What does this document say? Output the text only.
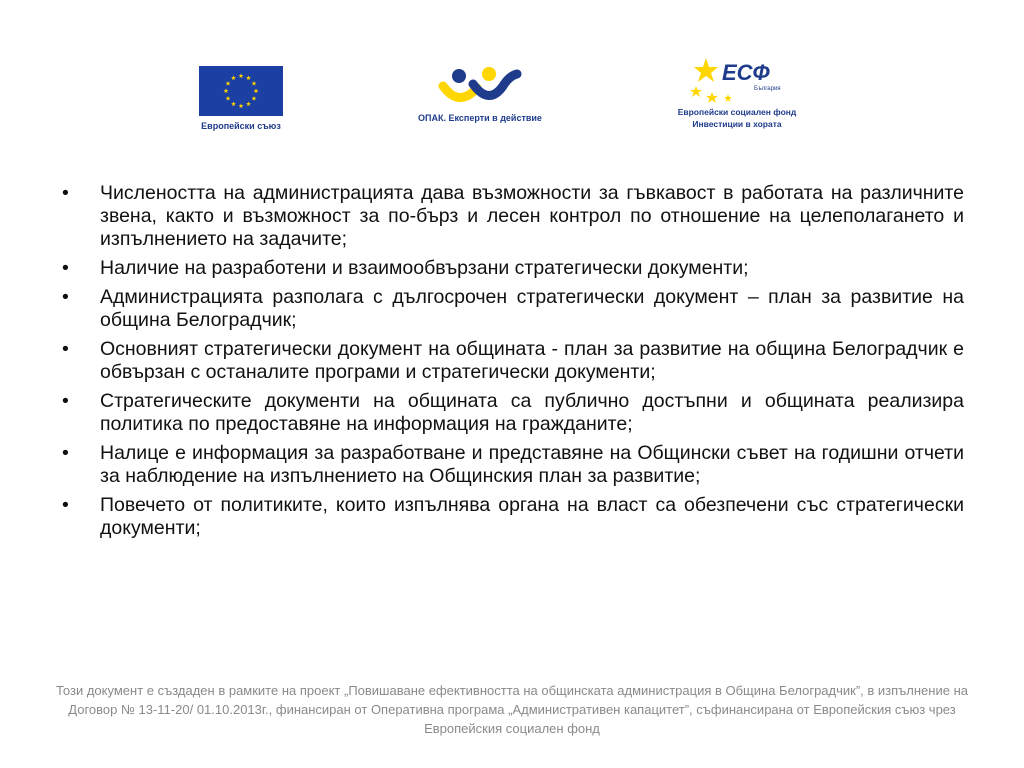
Европейски съюз
ОПАК. Експерти в действие
ЕСФ
България
Европейски социален фонд
Инвестиции в хората
•	Числеността на администрацията дава възможности за гъвкавост в работата на различните звена, както и възможност за по-бърз и лесен контрол по отношение на целеполагането и изпълнението на задачите;
•	Наличие на разработени и взаимообвързани стратегически документи;
•	Администрацията разполага с дългосрочен стратегически документ – план за развитие на община Белоградчик;
•	Основният стратегически документ на общината - план за развитие на община Белоградчик е обвързан с останалите програми и стратегически документи;
•	Стратегическите документи на общината са публично достъпни и общината реализира политика по предоставяне на информация на гражданите;
•	Налице е информация за разработване и представяне на Общински съвет на годишни отчети за наблюдение на изпълнението на Общинския план за развитие;
•	Повечето от политиките, които изпълнява органа на власт са обезпечени със стратегически документи;
Този документ е създаден в рамките на проект „Повишаване ефективността на общинската администрация в Община Белоградчик”, в изпълнение на Договор № 13-11-20/ 01.10.2013г., финансиран от Оперативна програма „Административен капацитет”, съфинансирана от Европейския съюз чрез Европейския социален фонд
